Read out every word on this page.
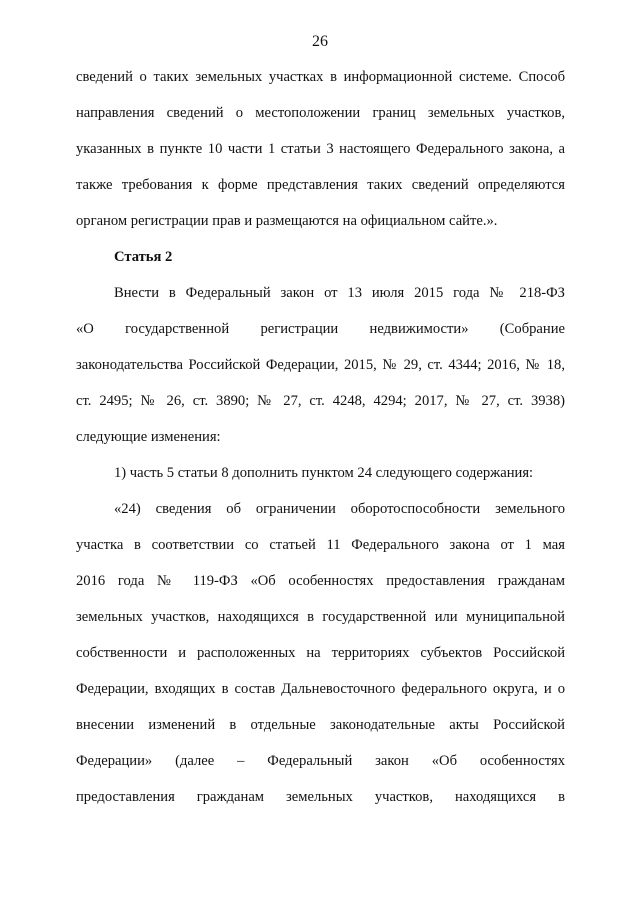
26
сведений о таких земельных участках в информационной системе. Способ
направления сведений о местоположении границ земельных участков,
указанных в пункте 10 части 1 статьи 3 настоящего Федерального закона, а
также требования к форме представления таких сведений определяются
органом регистрации прав и размещаются на официальном сайте.».
Статья 2
Внести в Федеральный закон от 13 июля 2015 года № 218-ФЗ
«О государственной регистрации недвижимости» (Собрание
законодательства Российской Федерации, 2015, № 29, ст. 4344; 2016, № 18,
ст. 2495; № 26, ст. 3890; № 27, ст. 4248, 4294; 2017, № 27, ст. 3938)
следующие изменения:
1) часть 5 статьи 8 дополнить пунктом 24 следующего содержания:
«24) сведения об ограничении оборотоспособности земельного
участка в соответствии со статьей 11 Федерального закона от 1 мая
2016 года № 119-ФЗ «Об особенностях предоставления гражданам
земельных участков, находящихся в государственной или муниципальной
собственности и расположенных на территориях субъектов Российской
Федерации, входящих в состав Дальневосточного федерального округа, и о
внесении изменений в отдельные законодательные акты Российской
Федерации» (далее – Федеральный закон «Об особенностях
предоставления гражданам земельных участков, находящихся в
